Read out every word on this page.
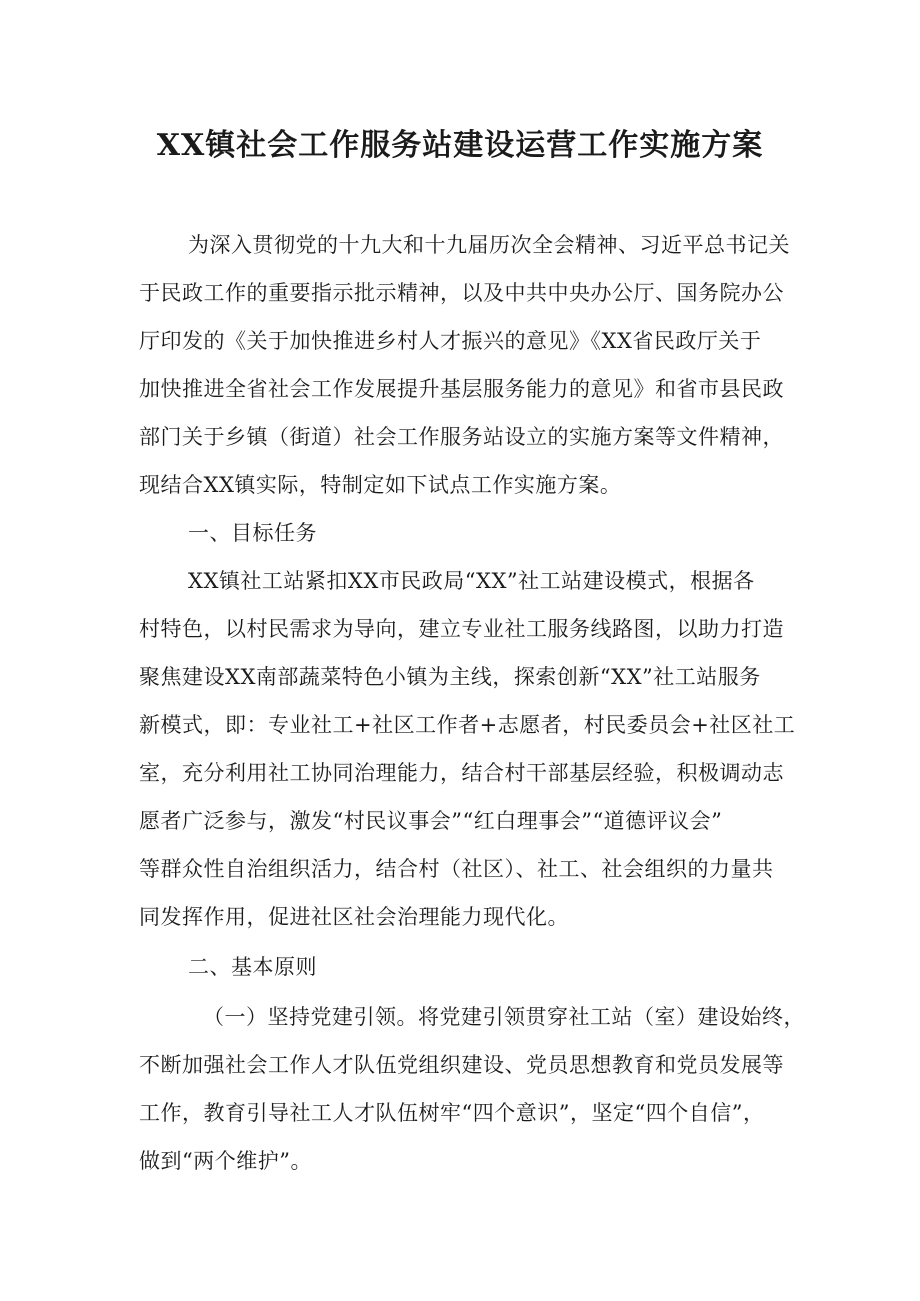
XX镇社会工作服务站建设运营工作实施方案
为深入贯彻党的十九大和十九届历次全会精神、习近平总书记关
于民政工作的重要指示批示精神，以及中共中央办公厅、国务院办公
厅印发的《关于加快推进乡村人才振兴的意见》《XX省民政厅关于
加快推进全省社会工作发展提升基层服务能力的意见》和省市县民政
部门关于乡镇（街道）社会工作服务站设立的实施方案等文件精神，
现结合XX镇实际，特制定如下试点工作实施方案。
一、目标任务
XX镇社工站紧扣XX市民政局“XX”社工站建设模式，根据各
村特色，以村民需求为导向，建立专业社工服务线路图，以助力打造
聚焦建设XX南部蔬菜特色小镇为主线，探索创新“XX”社工站服务
新模式，即：专业社工+社区工作者+志愿者，村民委员会+社区社工
室，充分利用社工协同治理能力，结合村干部基层经验，积极调动志
愿者广泛参与，激发“村民议事会”“红白理事会”“道德评议会”
等群众性自治组织活力，结合村（社区）、社工、社会组织的力量共
同发挥作用，促进社区社会治理能力现代化。
二、基本原则
（一）坚持党建引领。将党建引领贯穿社工站（室）建设始终，
不断加强社会工作人才队伍党组织建设、党员思想教育和党员发展等
工作，教育引导社工人才队伍树牢“四个意识”，坚定“四个自信”，
做到“两个维护”。
